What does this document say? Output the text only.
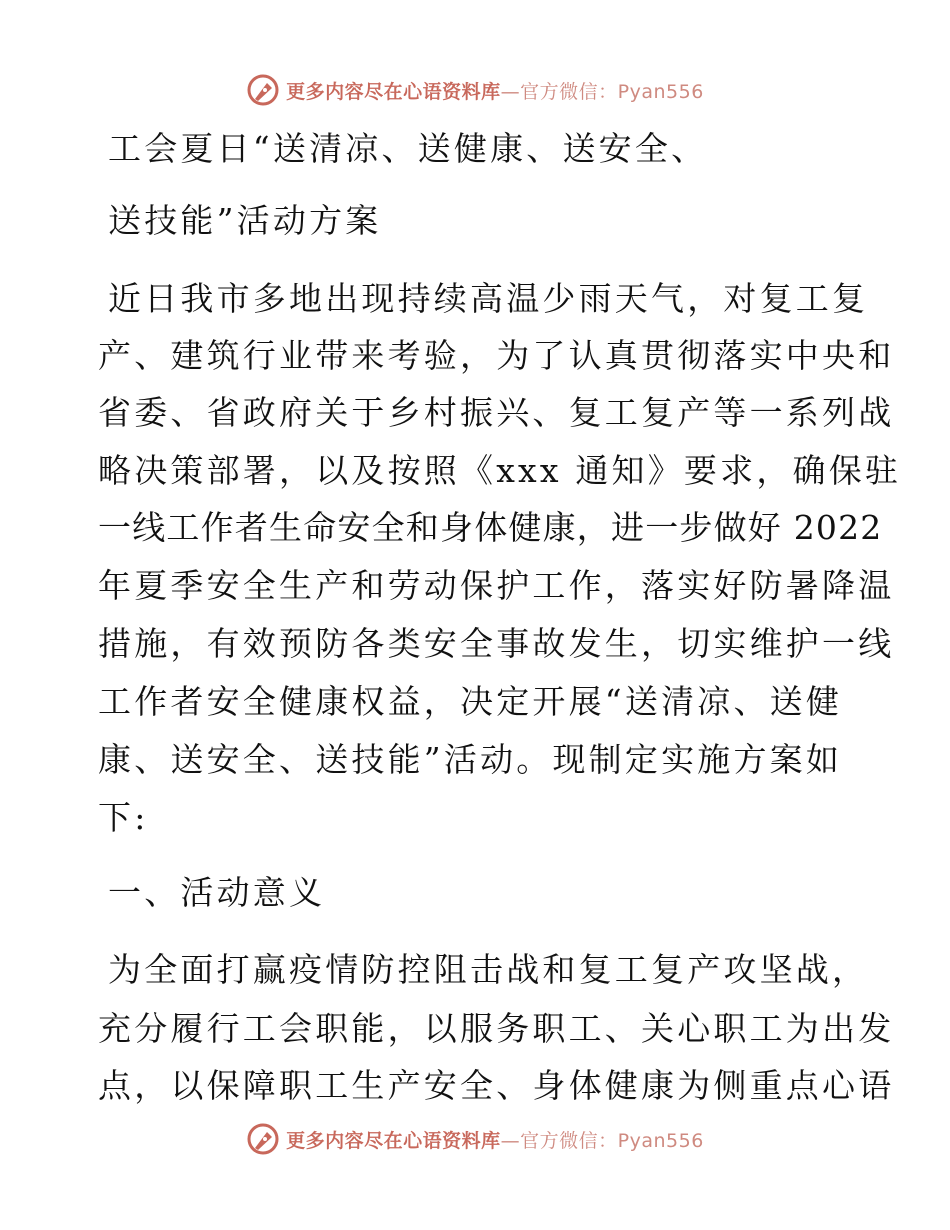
更多内容尽在心语资料库—官方微信：Pyan556
工会夏日“送清凉、送健康、送安全、
送技能”活动方案
近日我市多地出现持续高温少雨天气，对复工复
产、建筑行业带来考验，为了认真贯彻落实中央和
省委、省政府关于乡村振兴、复工复产等一系列战
略决策部署，以及按照《xxx 通知》要求，确保驻
一线工作者生命安全和身体健康，进一步做好 2022
年夏季安全生产和劳动保护工作，落实好防暑降温
措施，有效预防各类安全事故发生，切实维护一线
工作者安全健康权益，决定开展“送清凉、送健
康、送安全、送技能”活动。现制定实施方案如
下:
一、活动意义
为全面打赢疫情防控阻击战和复工复产攻坚战，
充分履行工会职能，以服务职工、关心职工为出发
点，以保障职工生产安全、身体健康为侧重点心语
更多内容尽在心语资料库—官方微信：Pyan556
